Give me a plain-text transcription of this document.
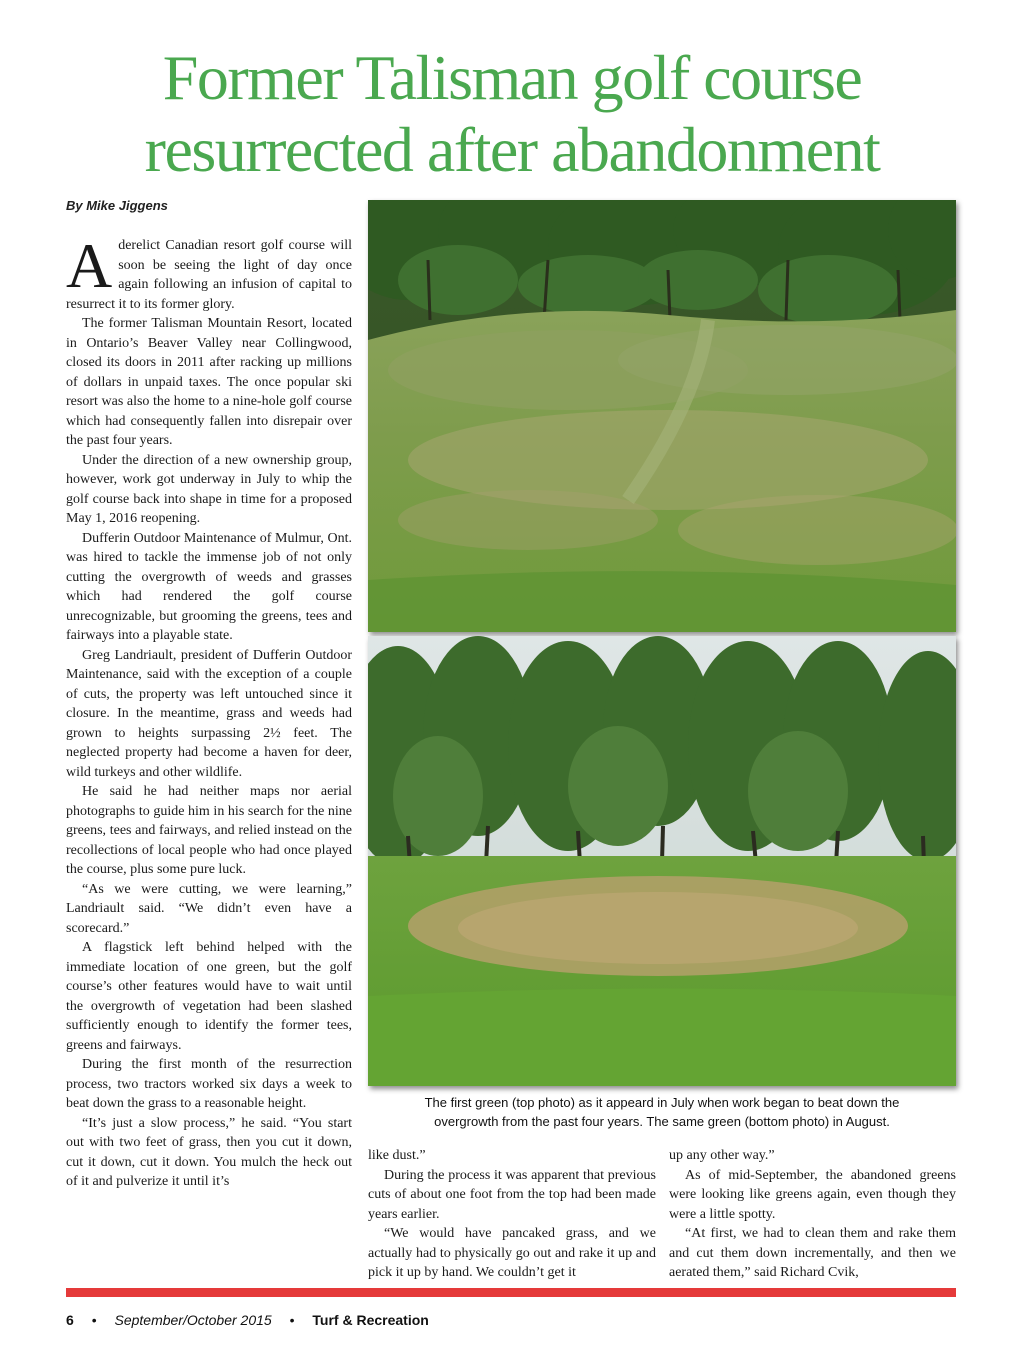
Former Talisman golf course
resurrected after abandonment
By Mike Jiggens

Aderelict Canadian resort golf course will soon be seeing the light of day once again following an infusion of capital to resurrect it to its former glory.

The former Talisman Mountain Resort, located in Ontario’s Beaver Valley near Collingwood, closed its doors in 2011 after racking up millions of dollars in unpaid taxes. The once popular ski resort was also the home to a nine-hole golf course which had consequently fallen into disrepair over the past four years.

Under the direction of a new ownership group, however, work got underway in July to whip the golf course back into shape in time for a proposed May 1, 2016 reopening.

Dufferin Outdoor Maintenance of Mulmur, Ont. was hired to tackle the immense job of not only cutting the overgrowth of weeds and grasses which had rendered the golf course unrecognizable, but grooming the greens, tees and fairways into a playable state.

Greg Landriault, president of Dufferin Outdoor Maintenance, said with the exception of a couple of cuts, the property was left untouched since it closure. In the meantime, grass and weeds had grown to heights surpassing 2½ feet. The neglected property had become a haven for deer, wild turkeys and other wildlife.

He said he had neither maps nor aerial photographs to guide him in his search for the nine greens, tees and fairways, and relied instead on the recollections of local people who had once played the course, plus some pure luck.

“As we were cutting, we were learning,” Landriault said. “We didn’t even have a scorecard.”

A flagstick left behind helped with the immediate location of one green, but the golf course’s other features would have to wait until the overgrowth of vegetation had been slashed sufficiently enough to identify the former tees, greens and fairways.

During the first month of the resurrection process, two tractors worked six days a week to beat down the grass to a reasonable height.

“It’s just a slow process,” he said. “You start out with two feet of grass, then you cut it down, cut it down, cut it down. You mulch the heck out of it and pulverize it until it’s

The first green (top photo) as it appeard in July when work began to beat down the
overgrowth from the past four years. The same green (bottom photo) in August.

like dust.”

During the process it was apparent that previous cuts of about one foot from the top had been made years earlier.

“We would have pancaked grass, and we actually had to physically go out and rake it up and pick it up by hand. We couldn’t get it

up any other way.”

As of mid-September, the abandoned greens were looking like greens again, even though they were a little spotty.

“At first, we had to clean them and rake them and cut them down incrementally, and then we aerated them,” said Richard Cvik,

6 • September/October 2015 • Turf & Recreation
